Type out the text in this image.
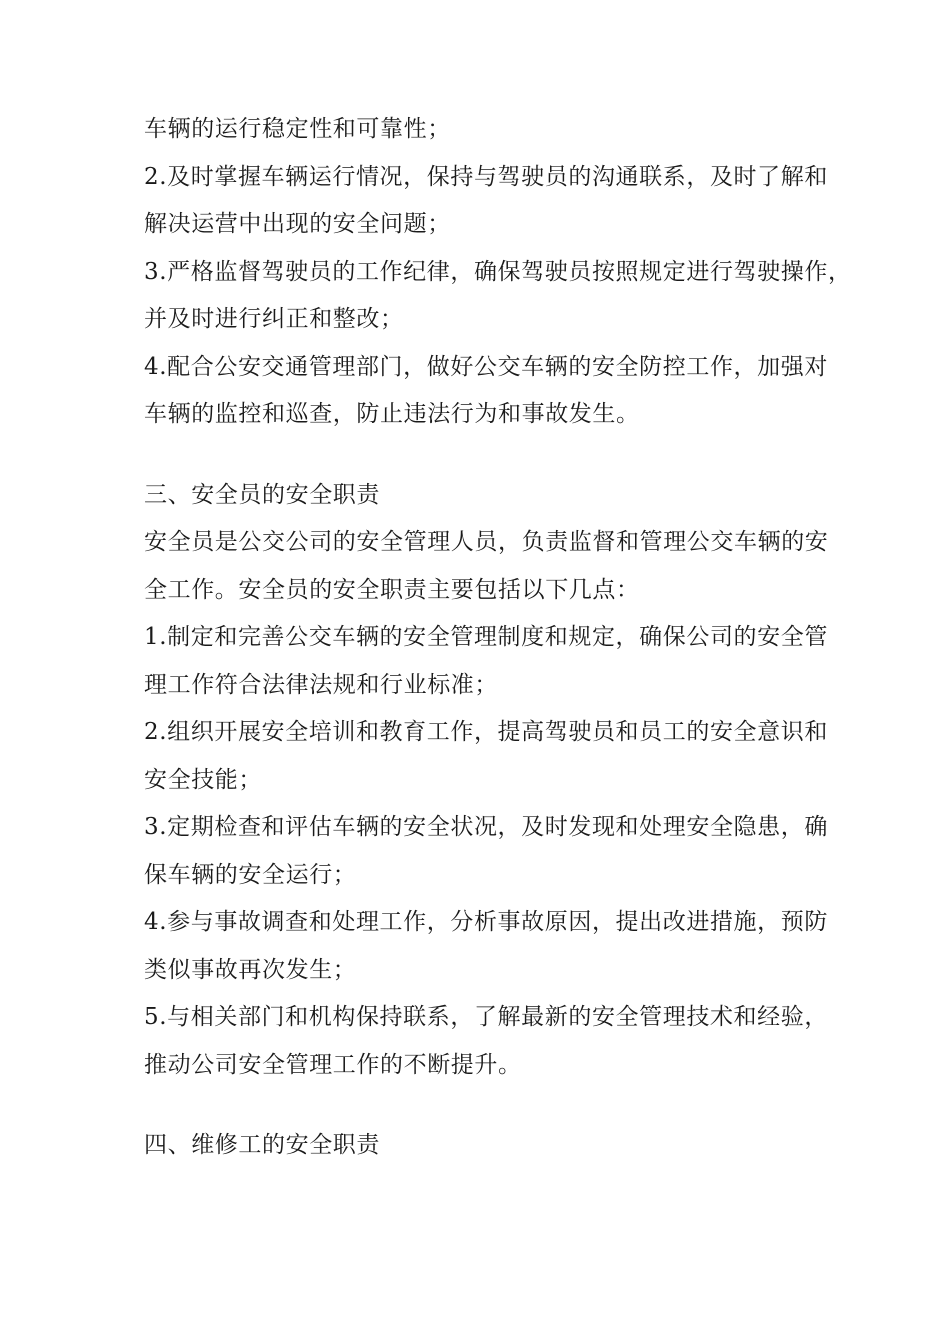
车辆的运行稳定性和可靠性；
2.及时掌握车辆运行情况，保持与驾驶员的沟通联系，及时了解和
解决运营中出现的安全问题；
3.严格监督驾驶员的工作纪律，确保驾驶员按照规定进行驾驶操作，
并及时进行纠正和整改；
4.配合公安交通管理部门，做好公交车辆的安全防控工作，加强对
车辆的监控和巡查，防止违法行为和事故发生。
三、安全员的安全职责
安全员是公交公司的安全管理人员，负责监督和管理公交车辆的安
全工作。安全员的安全职责主要包括以下几点：
1.制定和完善公交车辆的安全管理制度和规定，确保公司的安全管
理工作符合法律法规和行业标准；
2.组织开展安全培训和教育工作，提高驾驶员和员工的安全意识和
安全技能；
3.定期检查和评估车辆的安全状况，及时发现和处理安全隐患，确
保车辆的安全运行；
4.参与事故调查和处理工作，分析事故原因，提出改进措施，预防
类似事故再次发生；
5.与相关部门和机构保持联系，了解最新的安全管理技术和经验，
推动公司安全管理工作的不断提升。
四、维修工的安全职责
